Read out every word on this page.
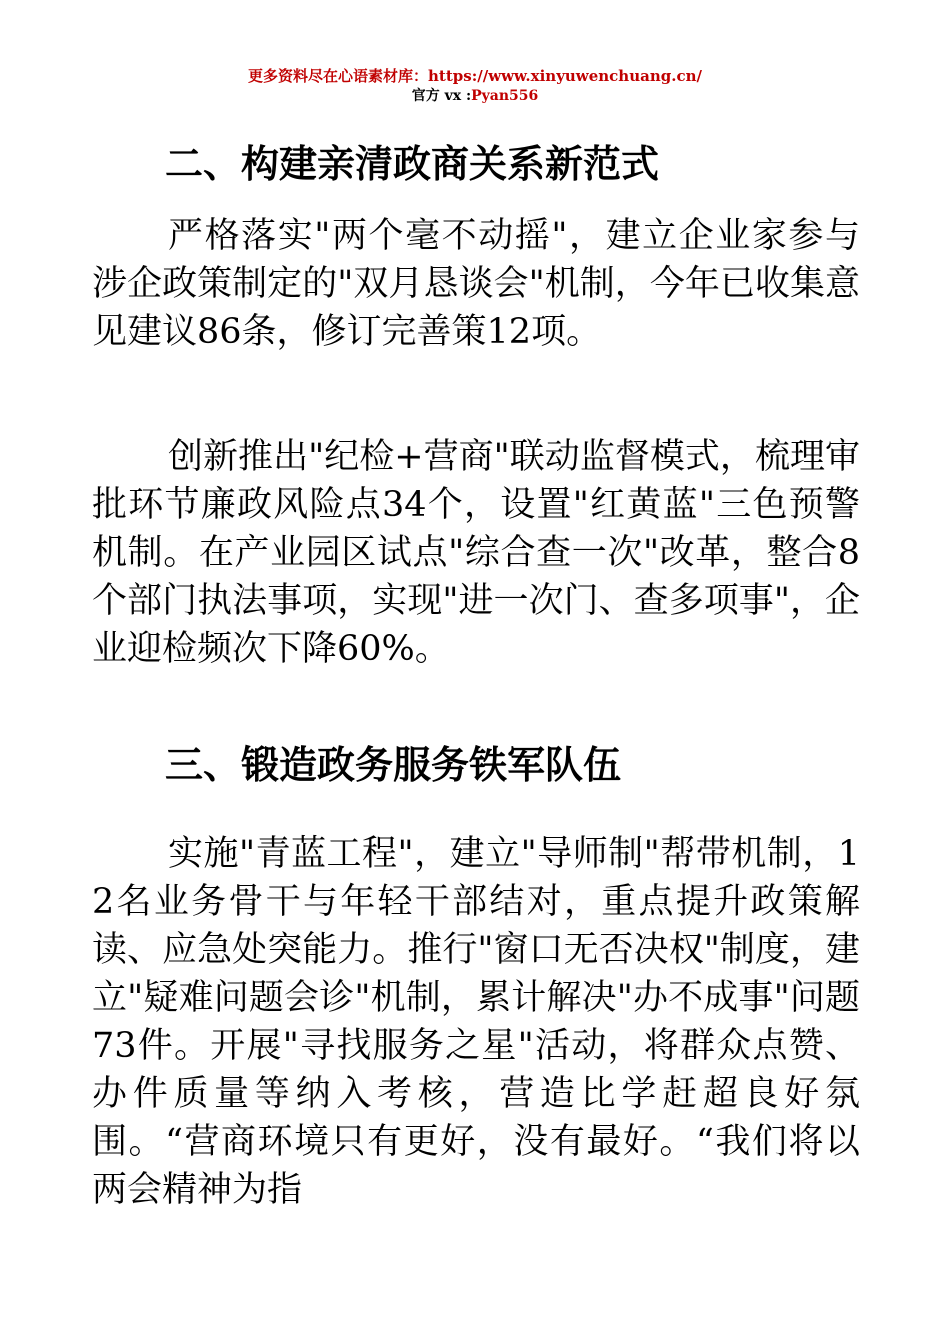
更多资料尽在心语素材库：https://www.xinyuwenchuang.cn/
官方 vx :Pyan556
二、构建亲清政商关系新范式

严格落实"两个毫不动摇"，建立企业家参与涉企政策制定的"双月恳谈会"机制，今年已收集意见建议86条，修订完善策12项。

创新推出"纪检+营商"联动监督模式，梳理审批环节廉政风险点34个，设置"红黄蓝"三色预警机制。在产业园区试点"综合查一次"改革，整合8个部门执法事项，实现"进一次门、查多项事"，企业迎检频次下降60%。

三、锻造政务服务铁军队伍

实施"青蓝工程"，建立"导师制"帮带机制，12名业务骨干与年轻干部结对，重点提升政策解读、应急处突能力。推行"窗口无否决权"制度，建立"疑难问题会诊"机制，累计解决"办不成事"问题73件。开展"寻找服务之星"活动，将群众点赞、办件质量等纳入考核，营造比学赶超良好氛围。“营商环境只有更好，没有最好。“我们将以两会精神为指
